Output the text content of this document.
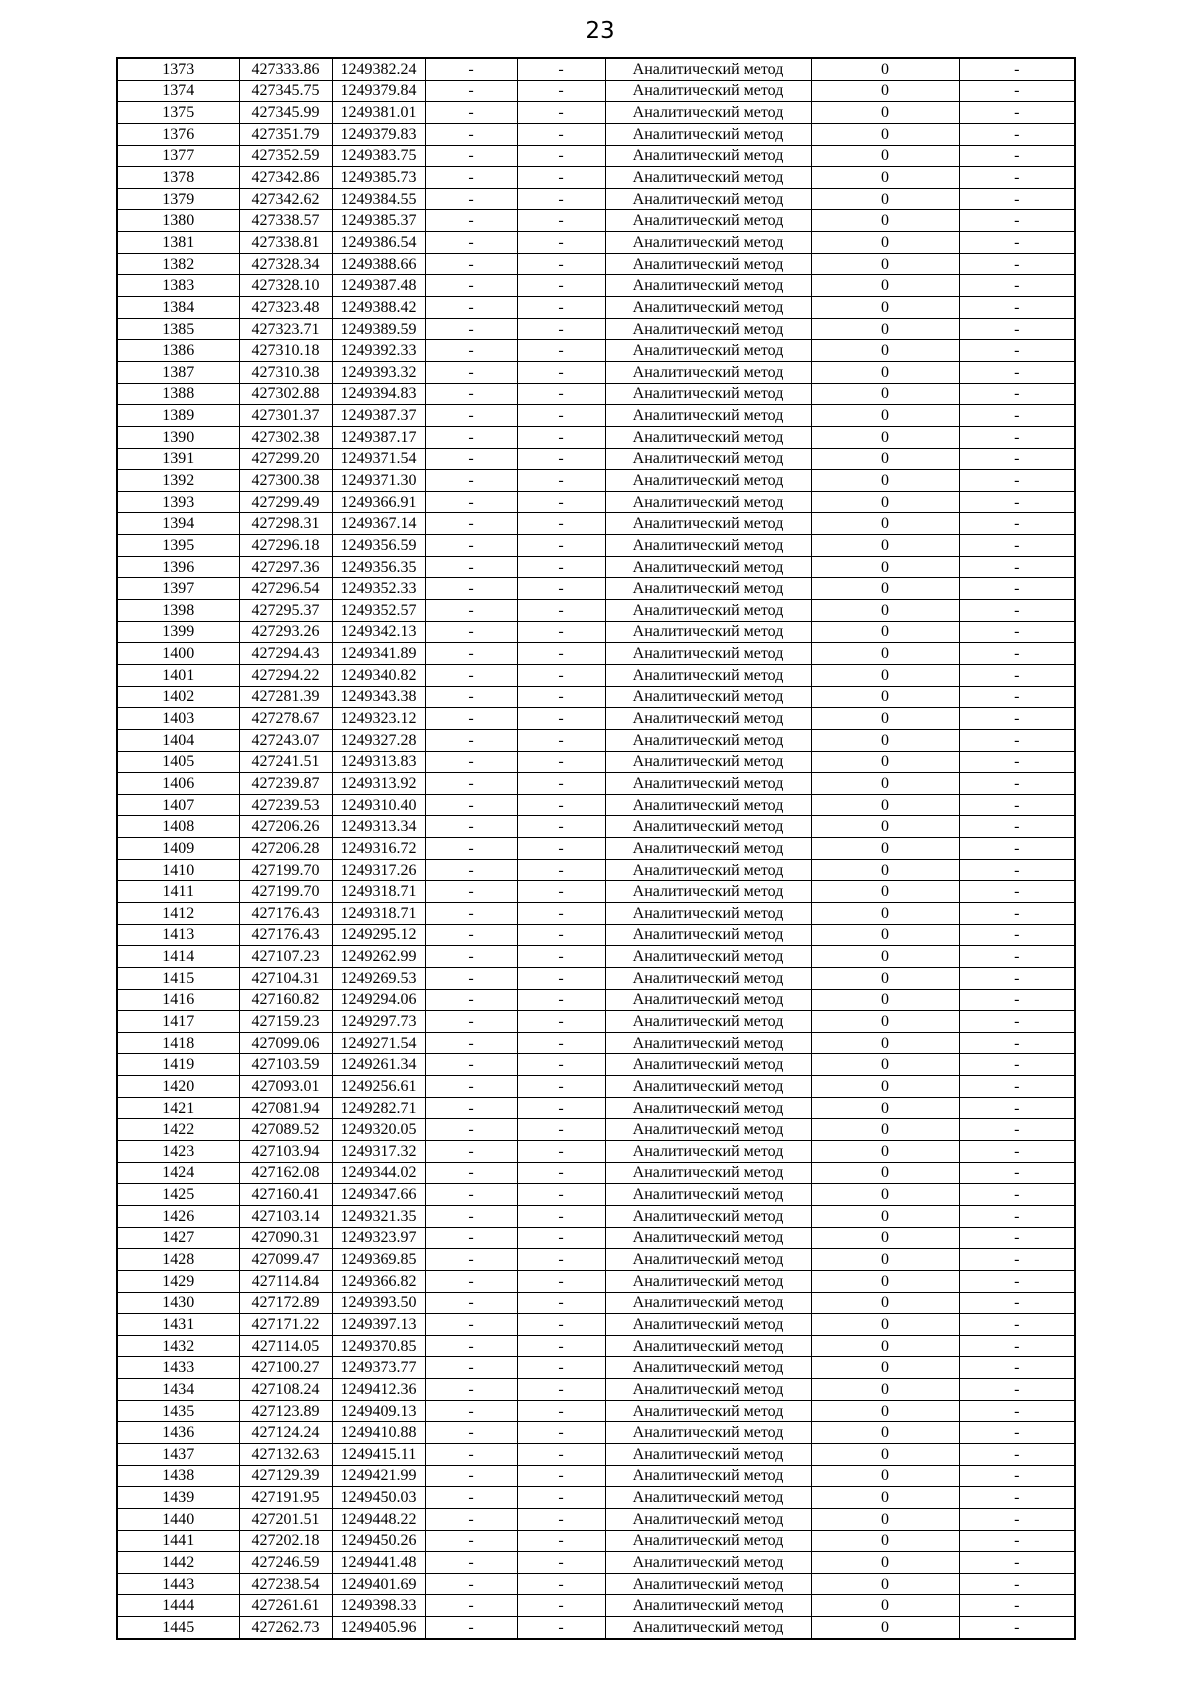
23
1373	427333.86	1249382.24	-	-	Аналитический метод	0	-
1374	427345.75	1249379.84	-	-	Аналитический метод	0	-
1375	427345.99	1249381.01	-	-	Аналитический метод	0	-
1376	427351.79	1249379.83	-	-	Аналитический метод	0	-
1377	427352.59	1249383.75	-	-	Аналитический метод	0	-
1378	427342.86	1249385.73	-	-	Аналитический метод	0	-
1379	427342.62	1249384.55	-	-	Аналитический метод	0	-
1380	427338.57	1249385.37	-	-	Аналитический метод	0	-
1381	427338.81	1249386.54	-	-	Аналитический метод	0	-
1382	427328.34	1249388.66	-	-	Аналитический метод	0	-
1383	427328.10	1249387.48	-	-	Аналитический метод	0	-
1384	427323.48	1249388.42	-	-	Аналитический метод	0	-
1385	427323.71	1249389.59	-	-	Аналитический метод	0	-
1386	427310.18	1249392.33	-	-	Аналитический метод	0	-
1387	427310.38	1249393.32	-	-	Аналитический метод	0	-
1388	427302.88	1249394.83	-	-	Аналитический метод	0	-
1389	427301.37	1249387.37	-	-	Аналитический метод	0	-
1390	427302.38	1249387.17	-	-	Аналитический метод	0	-
1391	427299.20	1249371.54	-	-	Аналитический метод	0	-
1392	427300.38	1249371.30	-	-	Аналитический метод	0	-
1393	427299.49	1249366.91	-	-	Аналитический метод	0	-
1394	427298.31	1249367.14	-	-	Аналитический метод	0	-
1395	427296.18	1249356.59	-	-	Аналитический метод	0	-
1396	427297.36	1249356.35	-	-	Аналитический метод	0	-
1397	427296.54	1249352.33	-	-	Аналитический метод	0	-
1398	427295.37	1249352.57	-	-	Аналитический метод	0	-
1399	427293.26	1249342.13	-	-	Аналитический метод	0	-
1400	427294.43	1249341.89	-	-	Аналитический метод	0	-
1401	427294.22	1249340.82	-	-	Аналитический метод	0	-
1402	427281.39	1249343.38	-	-	Аналитический метод	0	-
1403	427278.67	1249323.12	-	-	Аналитический метод	0	-
1404	427243.07	1249327.28	-	-	Аналитический метод	0	-
1405	427241.51	1249313.83	-	-	Аналитический метод	0	-
1406	427239.87	1249313.92	-	-	Аналитический метод	0	-
1407	427239.53	1249310.40	-	-	Аналитический метод	0	-
1408	427206.26	1249313.34	-	-	Аналитический метод	0	-
1409	427206.28	1249316.72	-	-	Аналитический метод	0	-
1410	427199.70	1249317.26	-	-	Аналитический метод	0	-
1411	427199.70	1249318.71	-	-	Аналитический метод	0	-
1412	427176.43	1249318.71	-	-	Аналитический метод	0	-
1413	427176.43	1249295.12	-	-	Аналитический метод	0	-
1414	427107.23	1249262.99	-	-	Аналитический метод	0	-
1415	427104.31	1249269.53	-	-	Аналитический метод	0	-
1416	427160.82	1249294.06	-	-	Аналитический метод	0	-
1417	427159.23	1249297.73	-	-	Аналитический метод	0	-
1418	427099.06	1249271.54	-	-	Аналитический метод	0	-
1419	427103.59	1249261.34	-	-	Аналитический метод	0	-
1420	427093.01	1249256.61	-	-	Аналитический метод	0	-
1421	427081.94	1249282.71	-	-	Аналитический метод	0	-
1422	427089.52	1249320.05	-	-	Аналитический метод	0	-
1423	427103.94	1249317.32	-	-	Аналитический метод	0	-
1424	427162.08	1249344.02	-	-	Аналитический метод	0	-
1425	427160.41	1249347.66	-	-	Аналитический метод	0	-
1426	427103.14	1249321.35	-	-	Аналитический метод	0	-
1427	427090.31	1249323.97	-	-	Аналитический метод	0	-
1428	427099.47	1249369.85	-	-	Аналитический метод	0	-
1429	427114.84	1249366.82	-	-	Аналитический метод	0	-
1430	427172.89	1249393.50	-	-	Аналитический метод	0	-
1431	427171.22	1249397.13	-	-	Аналитический метод	0	-
1432	427114.05	1249370.85	-	-	Аналитический метод	0	-
1433	427100.27	1249373.77	-	-	Аналитический метод	0	-
1434	427108.24	1249412.36	-	-	Аналитический метод	0	-
1435	427123.89	1249409.13	-	-	Аналитический метод	0	-
1436	427124.24	1249410.88	-	-	Аналитический метод	0	-
1437	427132.63	1249415.11	-	-	Аналитический метод	0	-
1438	427129.39	1249421.99	-	-	Аналитический метод	0	-
1439	427191.95	1249450.03	-	-	Аналитический метод	0	-
1440	427201.51	1249448.22	-	-	Аналитический метод	0	-
1441	427202.18	1249450.26	-	-	Аналитический метод	0	-
1442	427246.59	1249441.48	-	-	Аналитический метод	0	-
1443	427238.54	1249401.69	-	-	Аналитический метод	0	-
1444	427261.61	1249398.33	-	-	Аналитический метод	0	-
1445	427262.73	1249405.96	-	-	Аналитический метод	0	-
